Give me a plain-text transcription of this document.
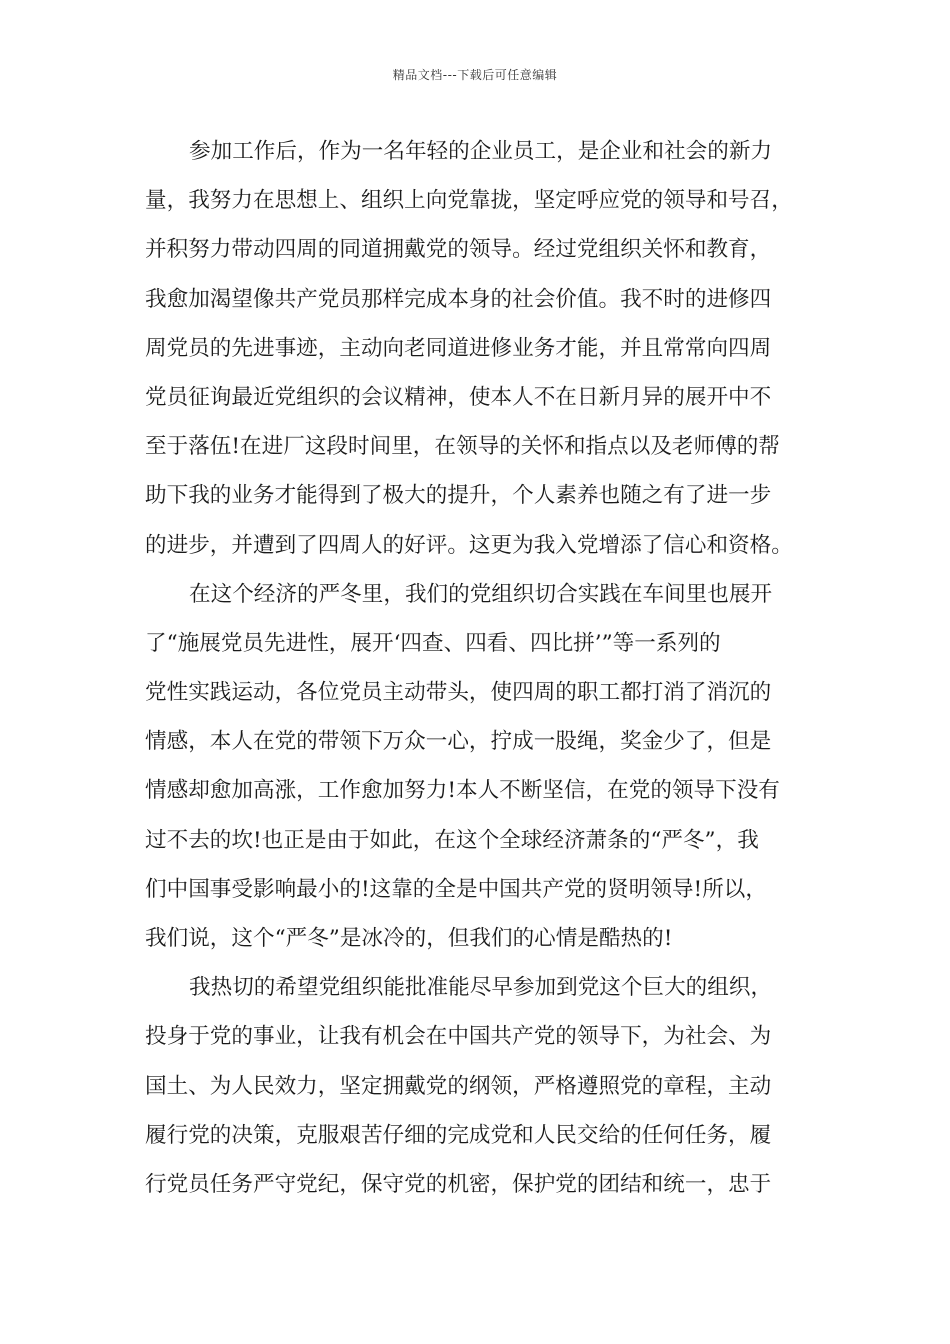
精品文档---下载后可任意编辑
参加工作后，作为一名年轻的企业员工，是企业和社会的新力
量，我努力在思想上、组织上向党靠拢，坚定呼应党的领导和号召，
并积努力带动四周的同道拥戴党的领导。经过党组织关怀和教育，
我愈加渴望像共产党员那样完成本身的社会价值。我不时的进修四
周党员的先进事迹，主动向老同道进修业务才能，并且常常向四周
党员征询最近党组织的会议精神，使本人不在日新月异的展开中不
至于落伍!在进厂这段时间里，在领导的关怀和指点以及老师傅的帮
助下我的业务才能得到了极大的提升，个人素养也随之有了进一步
的进步，并遭到了四周人的好评。这更为我入党增添了信心和资格。
在这个经济的严冬里，我们的党组织切合实践在车间里也展开
了“施展党员先进性，展开‘四查、四看、四比拼’”等一系列的
党性实践运动，各位党员主动带头，使四周的职工都打消了消沉的
情感，本人在党的带领下万众一心，拧成一股绳，奖金少了，但是
情感却愈加高涨，工作愈加努力!本人不断坚信，在党的领导下没有
过不去的坎!也正是由于如此，在这个全球经济萧条的“严冬”，我
们中国事受影响最小的!这靠的全是中国共产党的贤明领导!所以，
我们说，这个“严冬”是冰冷的，但我们的心情是酷热的!
我热切的希望党组织能批准能尽早参加到党这个巨大的组织，
投身于党的事业，让我有机会在中国共产党的领导下，为社会、为
国土、为人民效力，坚定拥戴党的纲领，严格遵照党的章程，主动
履行党的决策，克服艰苦仔细的完成党和人民交给的任何任务，履
行党员任务严守党纪，保守党的机密，保护党的团结和统一，忠于
